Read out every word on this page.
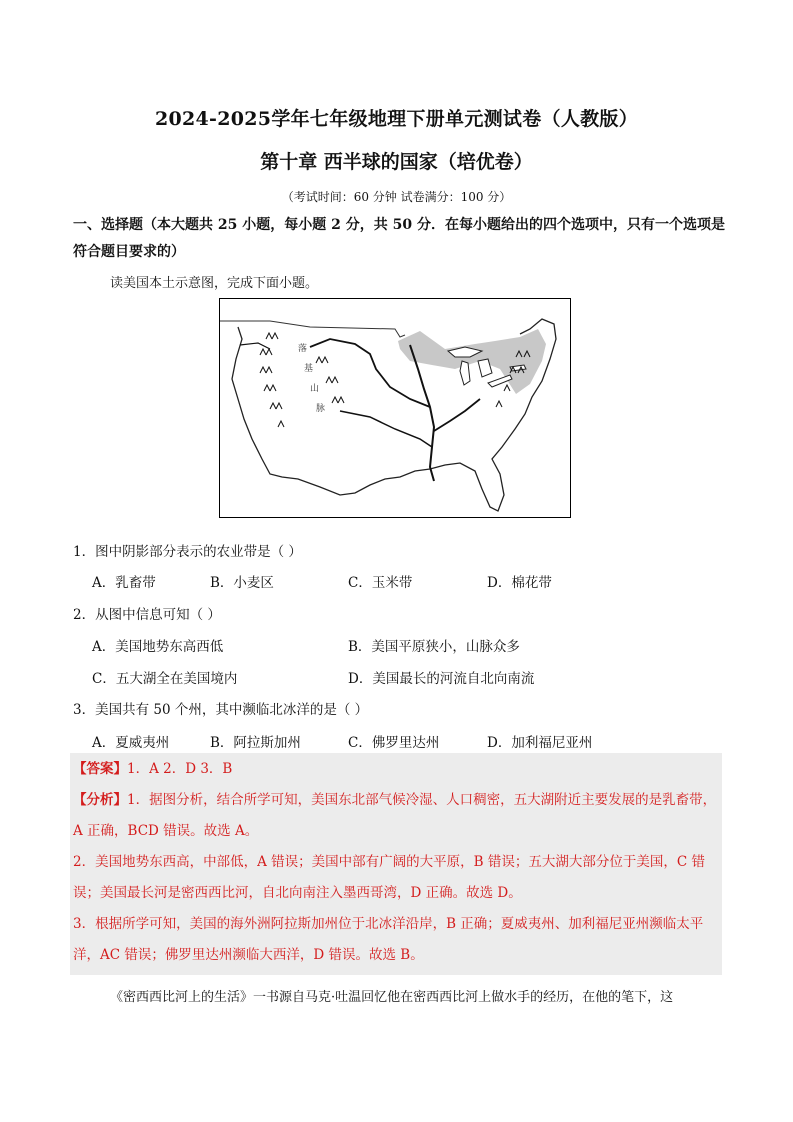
2024-2025学年七年级地理下册单元测试卷（人教版）
第十章 西半球的国家（培优卷）
（考试时间：60 分钟 试卷满分：100 分）
一、选择题（本大题共 25 小题，每小题 2 分，共 50 分．在每小题给出的四个选项中，只有一个选项是符合题目要求的）
读美国本土示意图，完成下面小题。
落
基
山
脉
1．图中阴影部分表示的农业带是（ ）
A．乳畜带	B．小麦区	C．玉米带	D．棉花带
2．从图中信息可知（ ）
A．美国地势东高西低	B．美国平原狭小，山脉众多
C．五大湖全在美国境内	D．美国最长的河流自北向南流
3．美国共有 50 个州，其中濒临北冰洋的是（ ）
A．夏威夷州	B．阿拉斯加州	C．佛罗里达州	D．加利福尼亚州
【答案】1．A 2．D 3．B
【分析】1．据图分析，结合所学可知，美国东北部气候冷湿、人口稠密，五大湖附近主要发展的是乳畜带，
A 正确，BCD 错误。故选 A。
2．美国地势东西高，中部低，A 错误；美国中部有广阔的大平原，B 错误；五大湖大部分位于美国，C 错
误；美国最长河是密西西比河，自北向南注入墨西哥湾，D 正确。故选 D。
3．根据所学可知，美国的海外洲阿拉斯加州位于北冰洋沿岸，B 正确；夏威夷州、加利福尼亚州濒临太平
洋，AC 错误；佛罗里达州濒临大西洋，D 错误。故选 B。
《密西西比河上的生活》一书源自马克·吐温回忆他在密西西比河上做水手的经历，在他的笔下，这
